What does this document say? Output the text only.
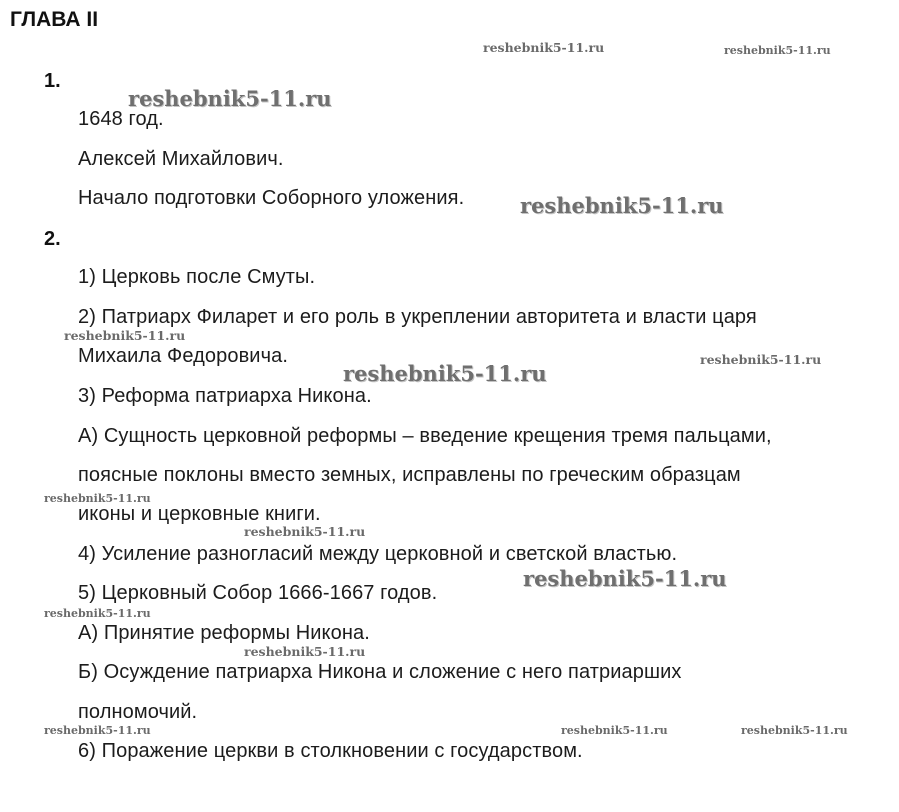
ГЛАВА II
1.
1648 год.
Алексей Михайлович.
Начало подготовки Соборного уложения.
2.
1) Церковь после Смуты.
2) Патриарх Филарет и его роль в укреплении авторитета и власти царя
Михаила Федоровича.
3) Реформа патриарха Никона.
А) Сущность церковной реформы – введение крещения тремя пальцами,
поясные поклоны вместо земных, исправлены по греческим образцам
иконы и церковные книги.
4) Усиление разногласий между церковной и светской властью.
5) Церковный Собор 1666-1667 годов.
А) Принятие реформы Никона.
Б) Осуждение патриарха Никона и сложение с него патриарших
полномочий.
6) Поражение церкви в столкновении с государством.
reshebnik5-11.ru	reshebnik5-11.ru
reshebnik5-11.ru
reshebnik5-11.ru
reshebnik5-11.ru
reshebnik5-11.ru
reshebnik5-11.ru
reshebnik5-11.ru
reshebnik5-11.ru
reshebnik5-11.ru
reshebnik5-11.ru
reshebnik5-11.ru
reshebnik5-11.ru	reshebnik5-11.ru	reshebnik5-11.ru
